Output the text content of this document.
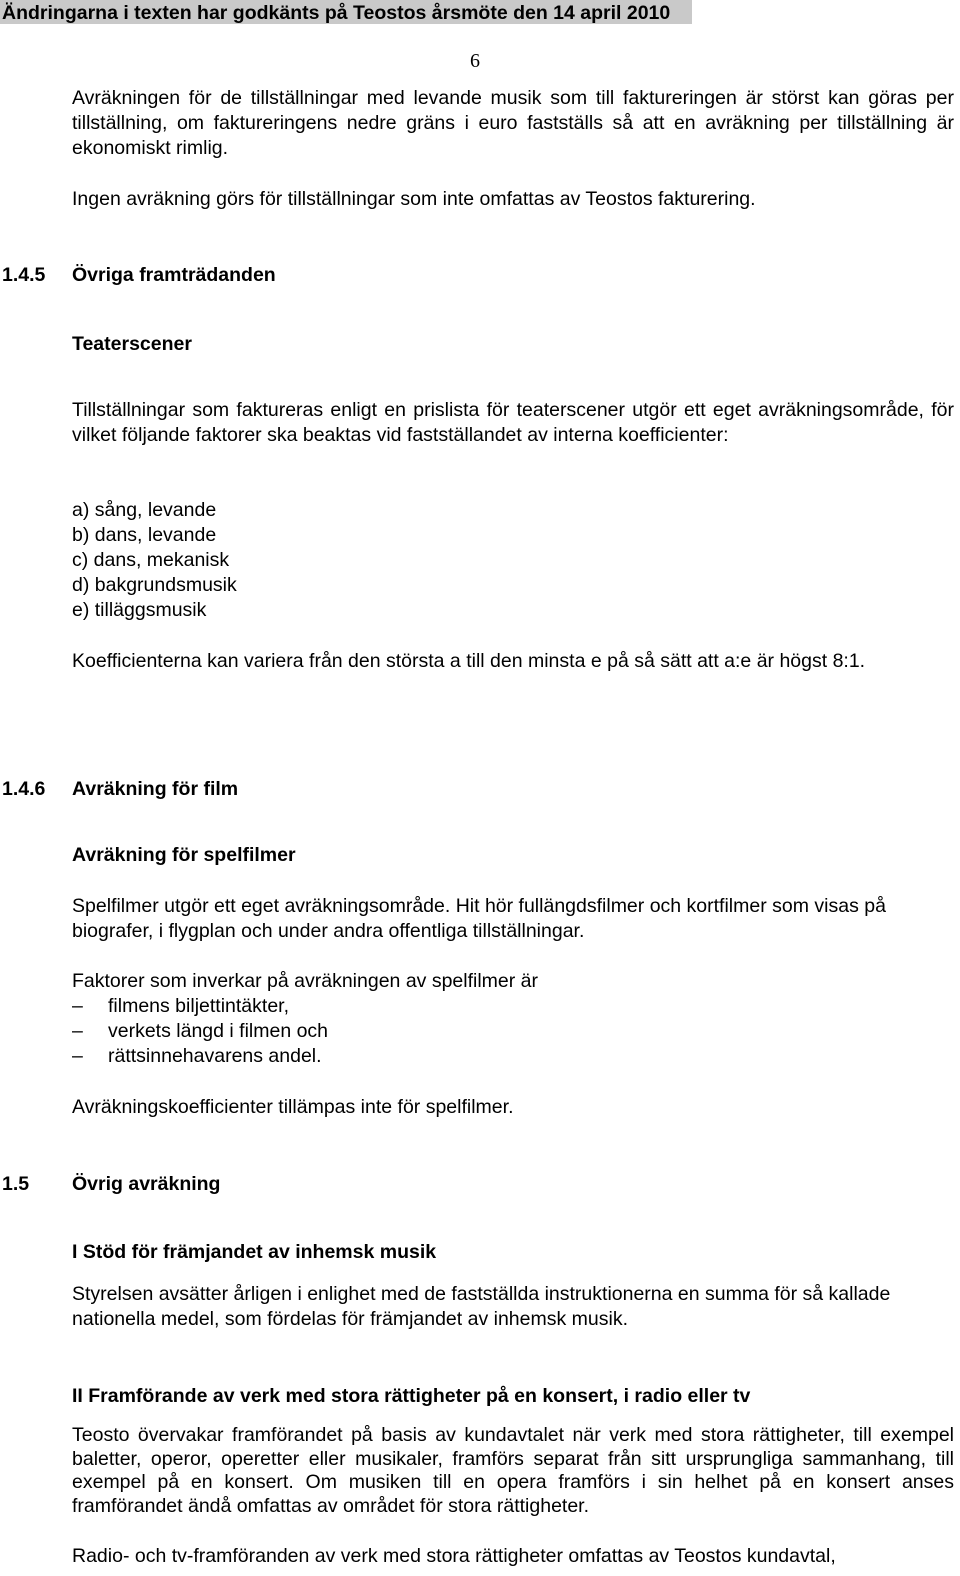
Ändringarna i texten har godkänts på Teostos årsmöte den 14 april 2010
6
Avräkningen för de tillställningar med levande musik som till faktureringen är störst kan göras per tillställning, om faktureringens nedre gräns i euro fastställs så att en avräkning per tillställning är ekonomiskt rimlig.
Ingen avräkning görs för tillställningar som inte omfattas av Teostos fakturering.
1.4.5	Övriga framträdanden
Teaterscener
Tillställningar som faktureras enligt en prislista för teaterscener utgör ett eget avräkningsområde, för vilket följande faktorer ska beaktas vid fastställandet av interna koefficienter:
a) sång, levande
b) dans, levande
c) dans, mekanisk
d) bakgrundsmusik
e) tilläggsmusik
Koefficienterna kan variera från den största a till den minsta e på så sätt att a:e är högst 8:1.
1.4.6	Avräkning för film
Avräkning för spelfilmer
Spelfilmer utgör ett eget avräkningsområde. Hit hör fullängdsfilmer och kortfilmer som visas på biografer, i flygplan och under andra offentliga tillställningar.
Faktorer som inverkar på avräkningen av spelfilmer är
–	filmens biljettintäkter,
–	verkets längd i filmen och
–	rättsinnehavarens andel.
Avräkningskoefficienter tillämpas inte för spelfilmer.
1.5	Övrig avräkning
I Stöd för främjandet av inhemsk musik
Styrelsen avsätter årligen i enlighet med de fastställda instruktionerna en summa för så kallade nationella medel, som fördelas för främjandet av inhemsk musik.
II Framförande av verk med stora rättigheter på en konsert, i radio eller tv
Teosto övervakar framförandet på basis av kundavtalet när verk med stora rättigheter, till exempel baletter, operor, operetter eller musikaler, framförs separat från sitt ursprungliga sammanhang, till exempel på en konsert. Om musiken till en opera framförs i sin helhet på en konsert anses framförandet ändå omfattas av området för stora rättigheter.
Radio- och tv-framföranden av verk med stora rättigheter omfattas av Teostos kundavtal,
